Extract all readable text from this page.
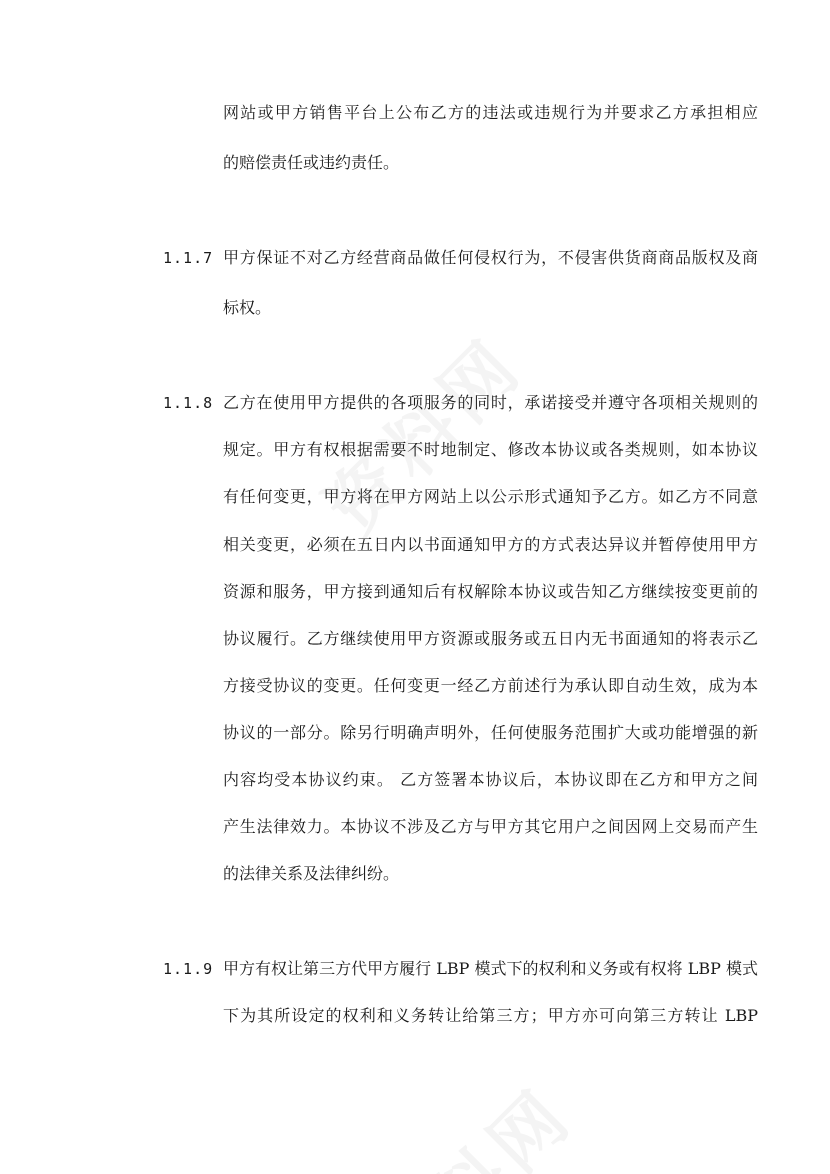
网站或甲方销售平台上公布乙方的违法或违规行为并要求乙方承担相应
的赔偿责任或违约责任。
1.1.7 甲方保证不对乙方经营商品做任何侵权行为，不侵害供货商商品版权及商
标权。
1.1.8 乙方在使用甲方提供的各项服务的同时，承诺接受并遵守各项相关规则的
规定。甲方有权根据需要不时地制定、修改本协议或各类规则，如本协议
有任何变更，甲方将在甲方网站上以公示形式通知予乙方。如乙方不同意
相关变更，必须在五日内以书面通知甲方的方式表达异议并暂停使用甲方
资源和服务，甲方接到通知后有权解除本协议或告知乙方继续按变更前的
协议履行。乙方继续使用甲方资源或服务或五日内无书面通知的将表示乙
方接受协议的变更。任何变更一经乙方前述行为承认即自动生效，成为本
协议的一部分。除另行明确声明外，任何使服务范围扩大或功能增强的新
内容均受本协议约束。 乙方签署本协议后，本协议即在乙方和甲方之间
产生法律效力。本协议不涉及乙方与甲方其它用户之间因网上交易而产生
的法律关系及法律纠纷。
1.1.9 甲方有权让第三方代甲方履行 LBP 模式下的权利和义务或有权将 LBP 模式
下为其所设定的权利和义务转让给第三方；甲方亦可向第三方转让 LBP
